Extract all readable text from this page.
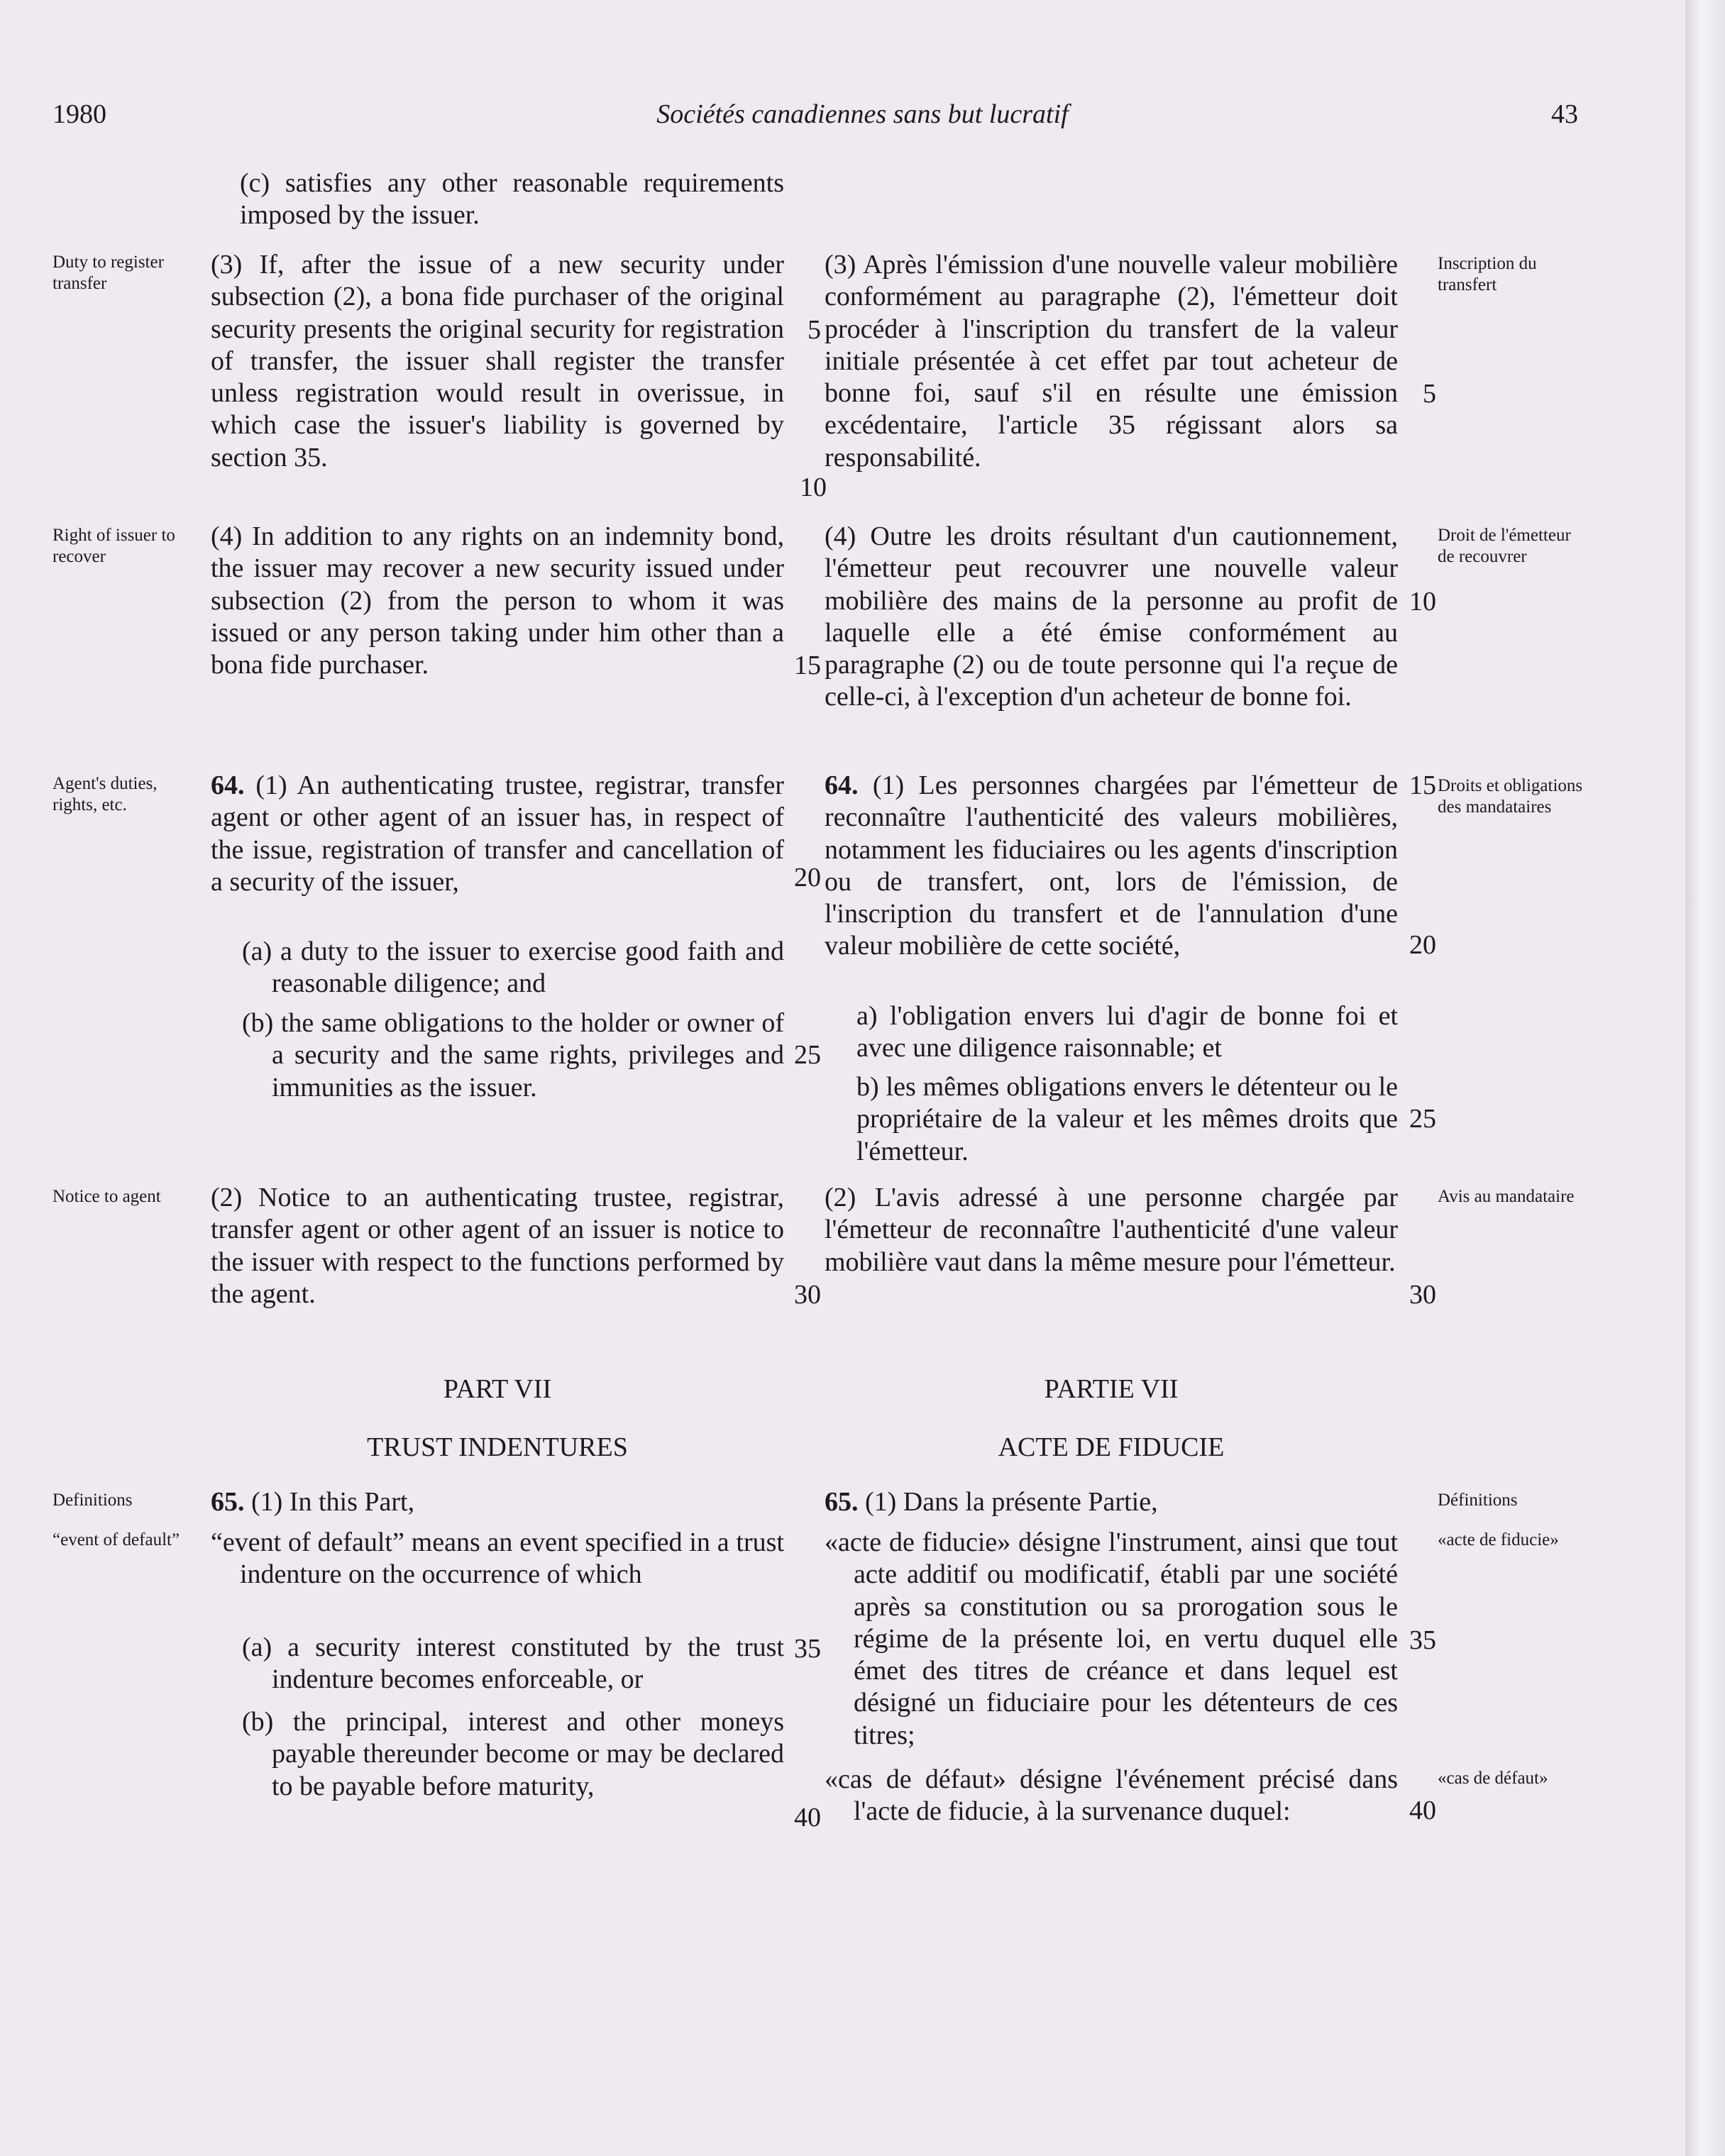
1980	Sociétés canadiennes sans but lucratif	43

(c) satisfies any other reasonable requirements imposed by the issuer.

(3) If, after the issue of a new security under subsection (2), a bona fide purchaser of the original security presents the original security for registration of transfer, the issuer shall register the transfer unless registration would result in overissue, in which case the issuer's liability is governed by section 35.

(4) In addition to any rights on an indemnity bond, the issuer may recover a new security issued under subsection (2) from the person to whom it was issued or any person taking under him other than a bona fide purchaser.

64. (1) An authenticating trustee, registrar, transfer agent or other agent of an issuer has, in respect of the issue, registration of transfer and cancellation of a security of the issuer,

(a) a duty to the issuer to exercise good faith and reasonable diligence; and

(b) the same obligations to the holder or owner of a security and the same rights, privileges and immunities as the issuer.

(2) Notice to an authenticating trustee, registrar, transfer agent or other agent of an issuer is notice to the issuer with respect to the functions performed by the agent.

PART VII
TRUST INDENTURES

65. (1) In this Part,

“event of default” means an event specified in a trust indenture on the occurrence of which

(a) a security interest constituted by the trust indenture becomes enforceable, or

(b) the principal, interest and other moneys payable thereunder become or may be declared to be payable before maturity,

(3) Après l'émission d'une nouvelle valeur mobilière conformément au paragraphe (2), l'émetteur doit procéder à l'inscription du transfert de la valeur initiale présentée à cet effet par tout acheteur de bonne foi, sauf s'il en résulte une émission excédentaire, l'article 35 régissant alors sa responsabilité.

(4) Outre les droits résultant d'un cautionnement, l'émetteur peut recouvrer une nouvelle valeur mobilière des mains de la personne au profit de laquelle elle a été émise conformément au paragraphe (2) ou de toute personne qui l'a reçue de celle-ci, à l'exception d'un acheteur de bonne foi.

64. (1) Les personnes chargées par l'émetteur de reconnaître l'authenticité des valeurs mobilières, notamment les fiduciaires ou les agents d'inscription ou de transfert, ont, lors de l'émission, de l'inscription du transfert et de l'annulation d'une valeur mobilière de cette société,

a) l'obligation envers lui d'agir de bonne foi et avec une diligence raisonnable; et

b) les mêmes obligations envers le détenteur ou le propriétaire de la valeur et les mêmes droits que l'émetteur.

(2) L'avis adressé à une personne chargée par l'émetteur de reconnaître l'authenticité d'une valeur mobilière vaut dans la même mesure pour l'émetteur.

PARTIE VII
ACTE DE FIDUCIE

65. (1) Dans la présente Partie,

«acte de fiducie» désigne l'instrument, ainsi que tout acte additif ou modificatif, établi par une société après sa constitution ou sa prorogation sous le régime de la présente loi, en vertu duquel elle émet des titres de créance et dans lequel est désigné un fiduciaire pour les détenteurs de ces titres;

«cas de défaut» désigne l'événement précisé dans l'acte de fiducie, à la survenance duquel:

Duty to register transfer
Right of issuer to recover
Agent's duties, rights, etc.
Notice to agent
Definitions
“event of default”
Inscription du transfert
Droit de l'émetteur de recouvrer
Droits et obligations des mandataires
Avis au mandataire
Définitions
«acte de fiducie»
«cas de défaut»
5
10
15
20
25
30
35
40
5
10
15
20
25
30
35
40
